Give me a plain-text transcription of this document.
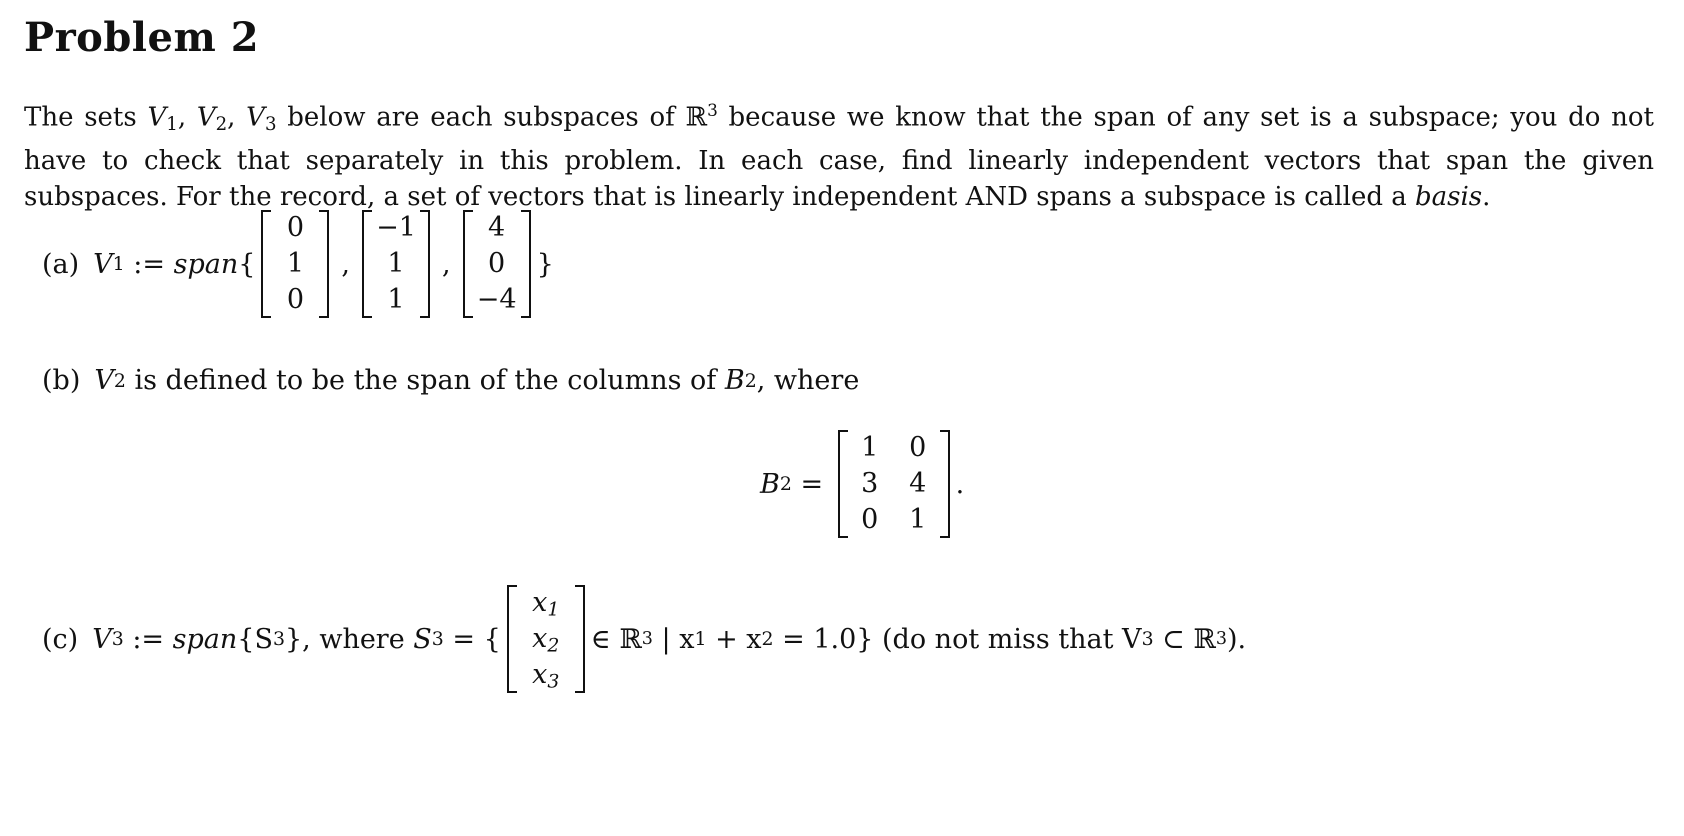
Problem 2
The sets $V_1$, $V_2$, $V_3$ below are each subspaces of ℝ$^3$ because we know that the span of any set is a subspace; you do not have to check that separately in this problem. In each case, find linearly independent vectors that span the given subspaces. For the record, a set of vectors that is linearly independent AND spans a subspace is called a basis.
(a) V 1 := span {
0
1
0
,
−1
1
1
,
4
0
−4
}
(b) V 2 is defined to be the span of the columns of B 2 , where
B 2 =
1	0
3	4
0	1
.
(c) V 3 := span {S 3 }, where S 3 = {
$x_1$
$x_2$
$x_3$
∈ ℝ 3 | x 1 + x 2 = 1.0} (do not miss that V 3 ⊂ ℝ 3 ).
